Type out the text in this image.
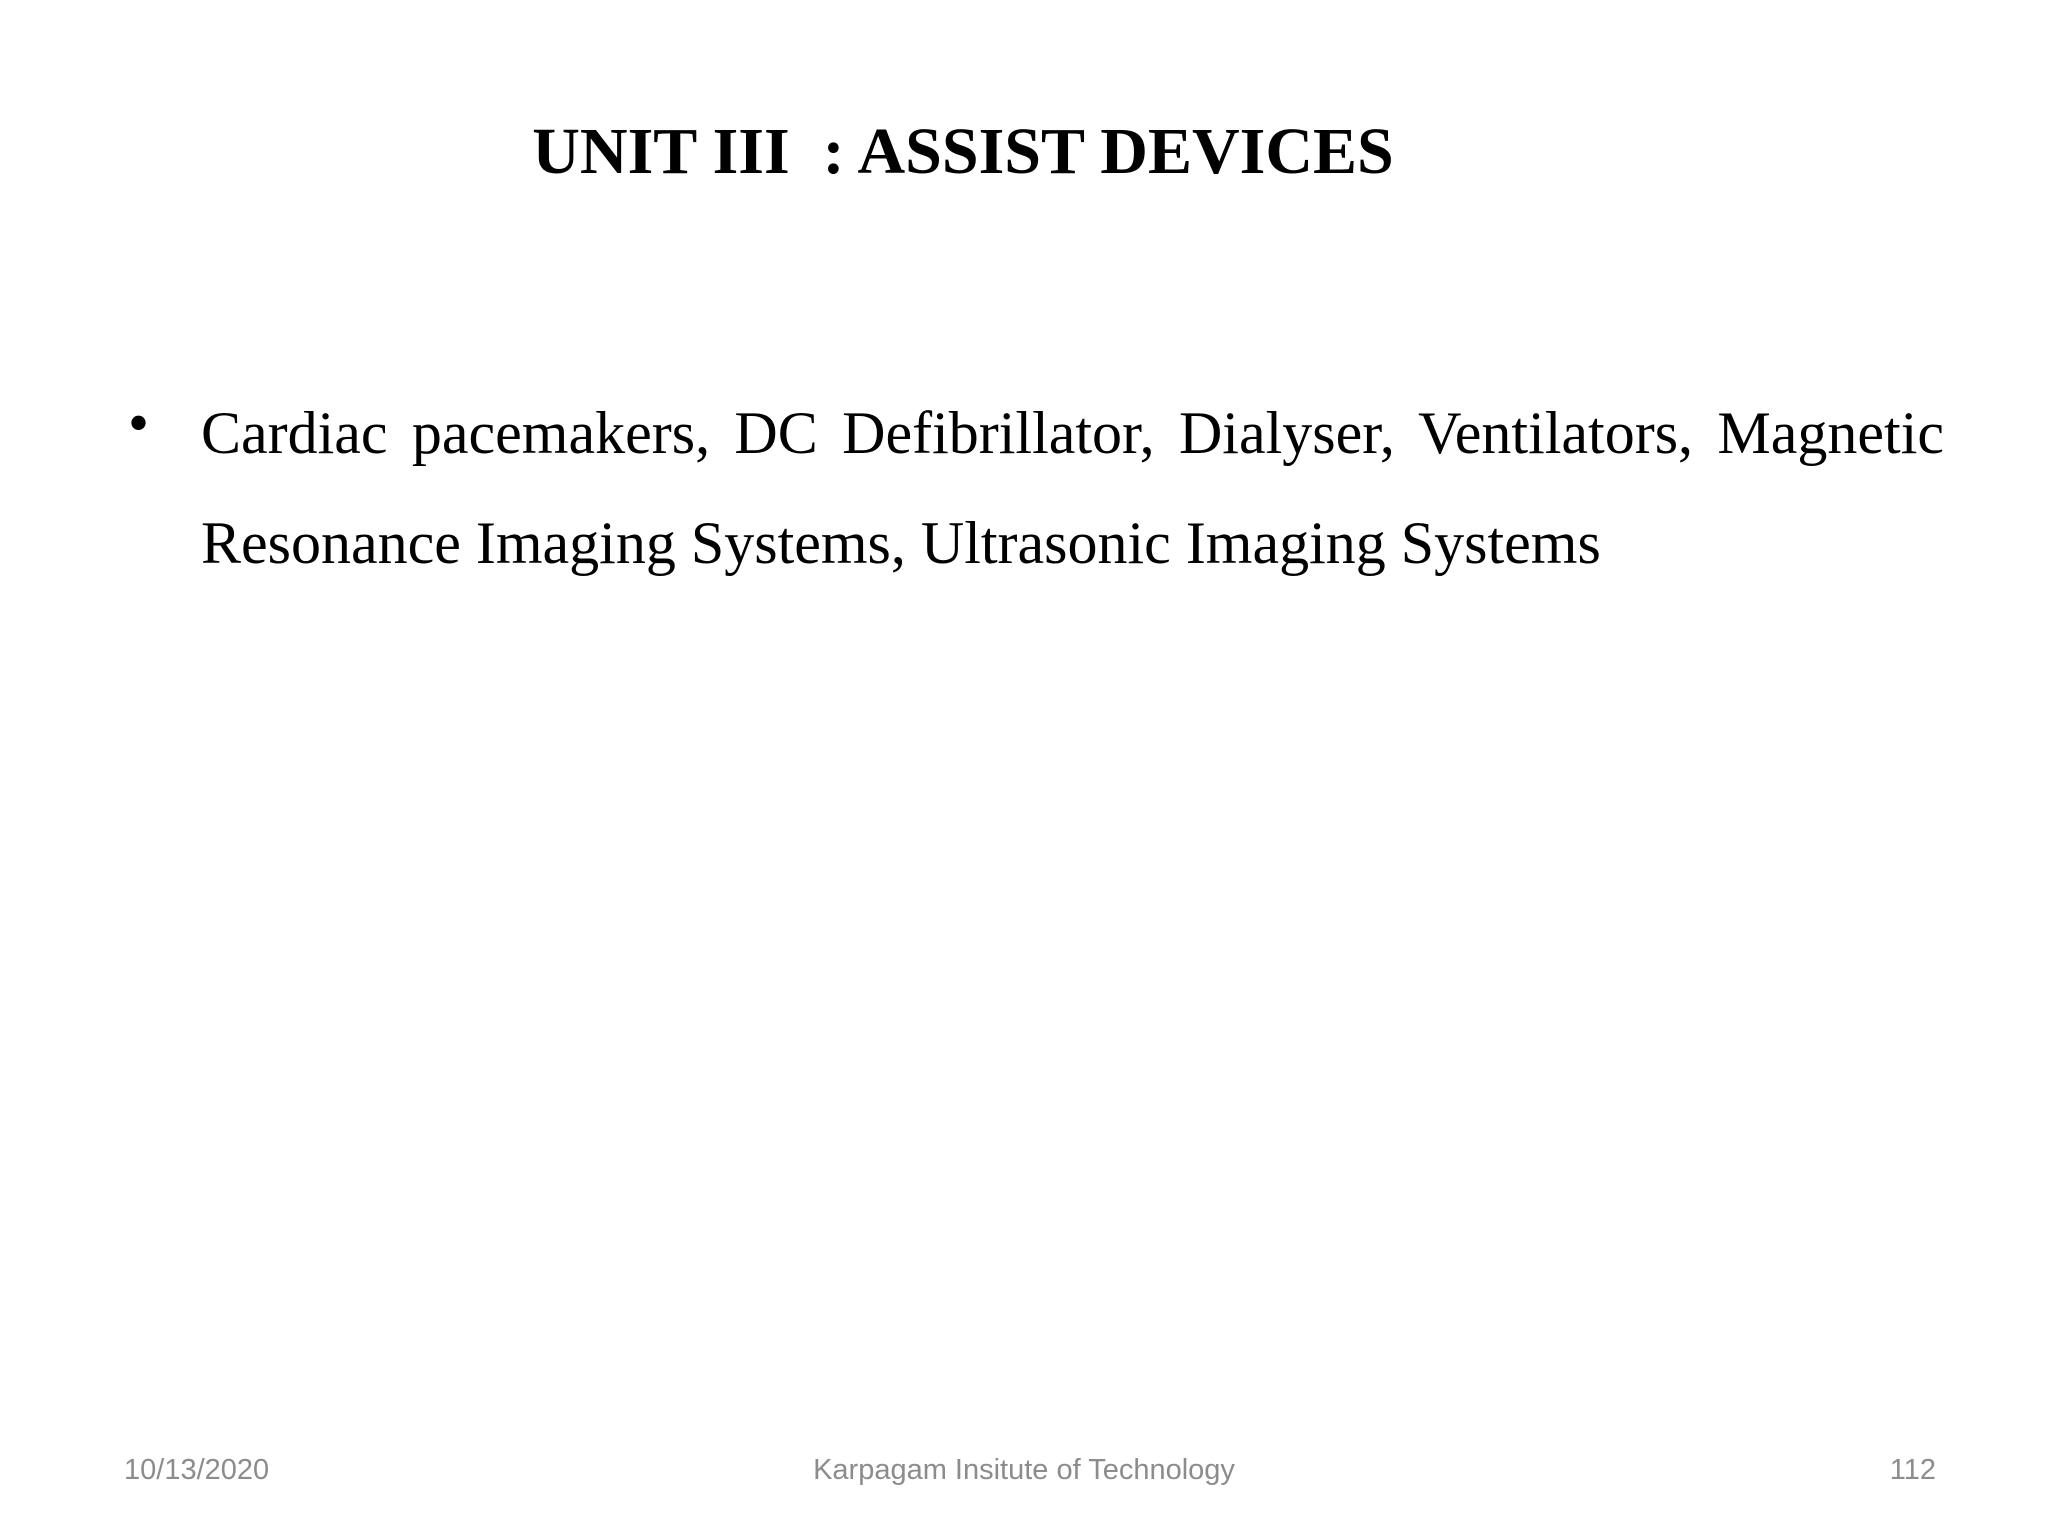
UNIT III  : ASSIST DEVICES
• Cardiac pacemakers, DC Defibrillator, Dialyser, Ventilators, Magnetic Resonance Imaging Systems, Ultrasonic Imaging Systems
10/13/2020	Karpagam Insitute of Technology	112
